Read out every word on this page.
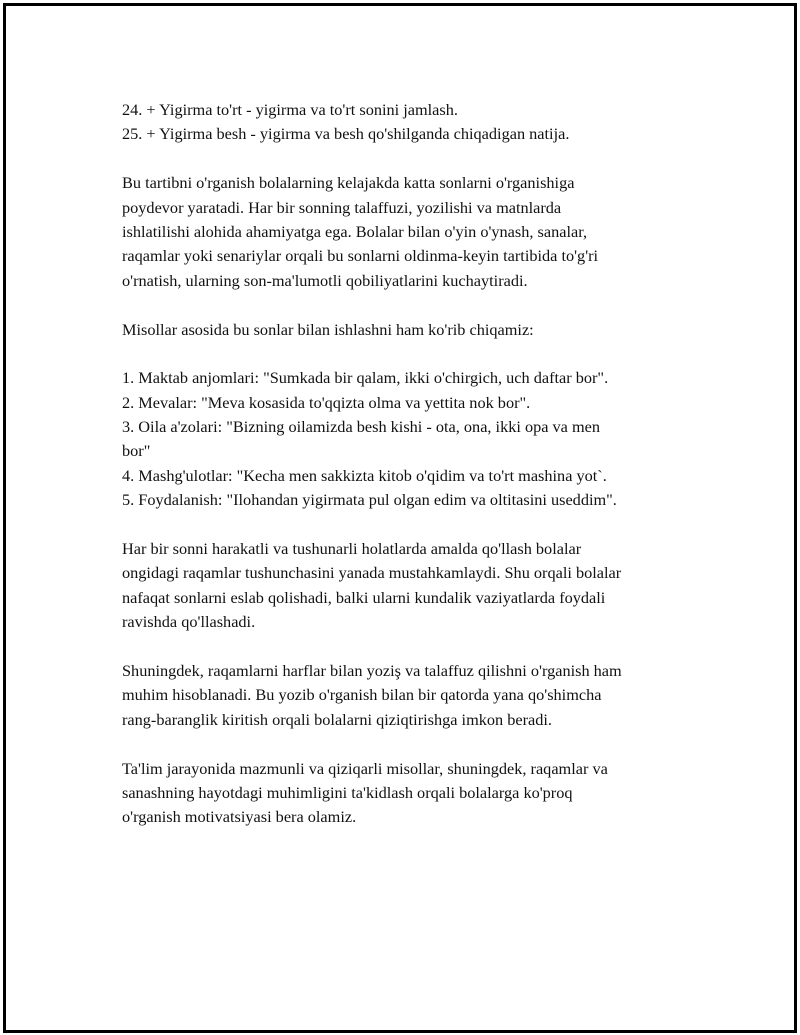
24. + Yigirma to'rt - yigirma va to'rt sonini jamlash.
25. + Yigirma besh - yigirma va besh qo'shilganda chiqadigan natija.
Bu tartibni o'rganish bolalarning kelajakda katta sonlarni o'rganishiga
poydevor yaratadi. Har bir sonning talaffuzi, yozilishi va matnlarda
ishlatilishi alohida ahamiyatga ega. Bolalar bilan o'yin o'ynash, sanalar,
raqamlar yoki senariylar orqali bu sonlarni oldinma-keyin tartibida to'g'ri
o'rnatish, ularning son-ma'lumotli qobiliyatlarini kuchaytiradi.
Misollar asosida bu sonlar bilan ishlashni ham ko'rib chiqamiz:
1. Maktab anjomlari: "Sumkada bir qalam, ikki o'chirgich, uch daftar bor".
2. Mevalar: "Meva kosasida to'qqizta olma va yettita nok bor".
3. Oila a'zolari: "Bizning oilamizda besh kishi - ota, ona, ikki opa va men
bor"
4. Mashg'ulotlar: "Kecha men sakkizta kitob o'qidim va to'rt mashina yot`.
5. Foydalanish: "Ilohandan yigirmata pul olgan edim va oltitasini useddim".
Har bir sonni harakatli va tushunarli holatlarda amalda qo'llash bolalar
ongidagi raqamlar tushunchasini yanada mustahkamlaydi. Shu orqali bolalar
nafaqat sonlarni eslab qolishadi, balki ularni kundalik vaziyatlarda foydali
ravishda qo'llashadi.
Shuningdek, raqamlarni harflar bilan yoziş va talaffuz qilishni o'rganish ham
muhim hisoblanadi. Bu yozib o'rganish bilan bir qatorda yana qo'shimcha
rang-baranglik kiritish orqali bolalarni qiziqtirishga imkon beradi.
Ta'lim jarayonida mazmunli va qiziqarli misollar, shuningdek, raqamlar va
sanashning hayotdagi muhimligini ta'kidlash orqali bolalarga ko'proq
o'rganish motivatsiyasi bera olamiz.
